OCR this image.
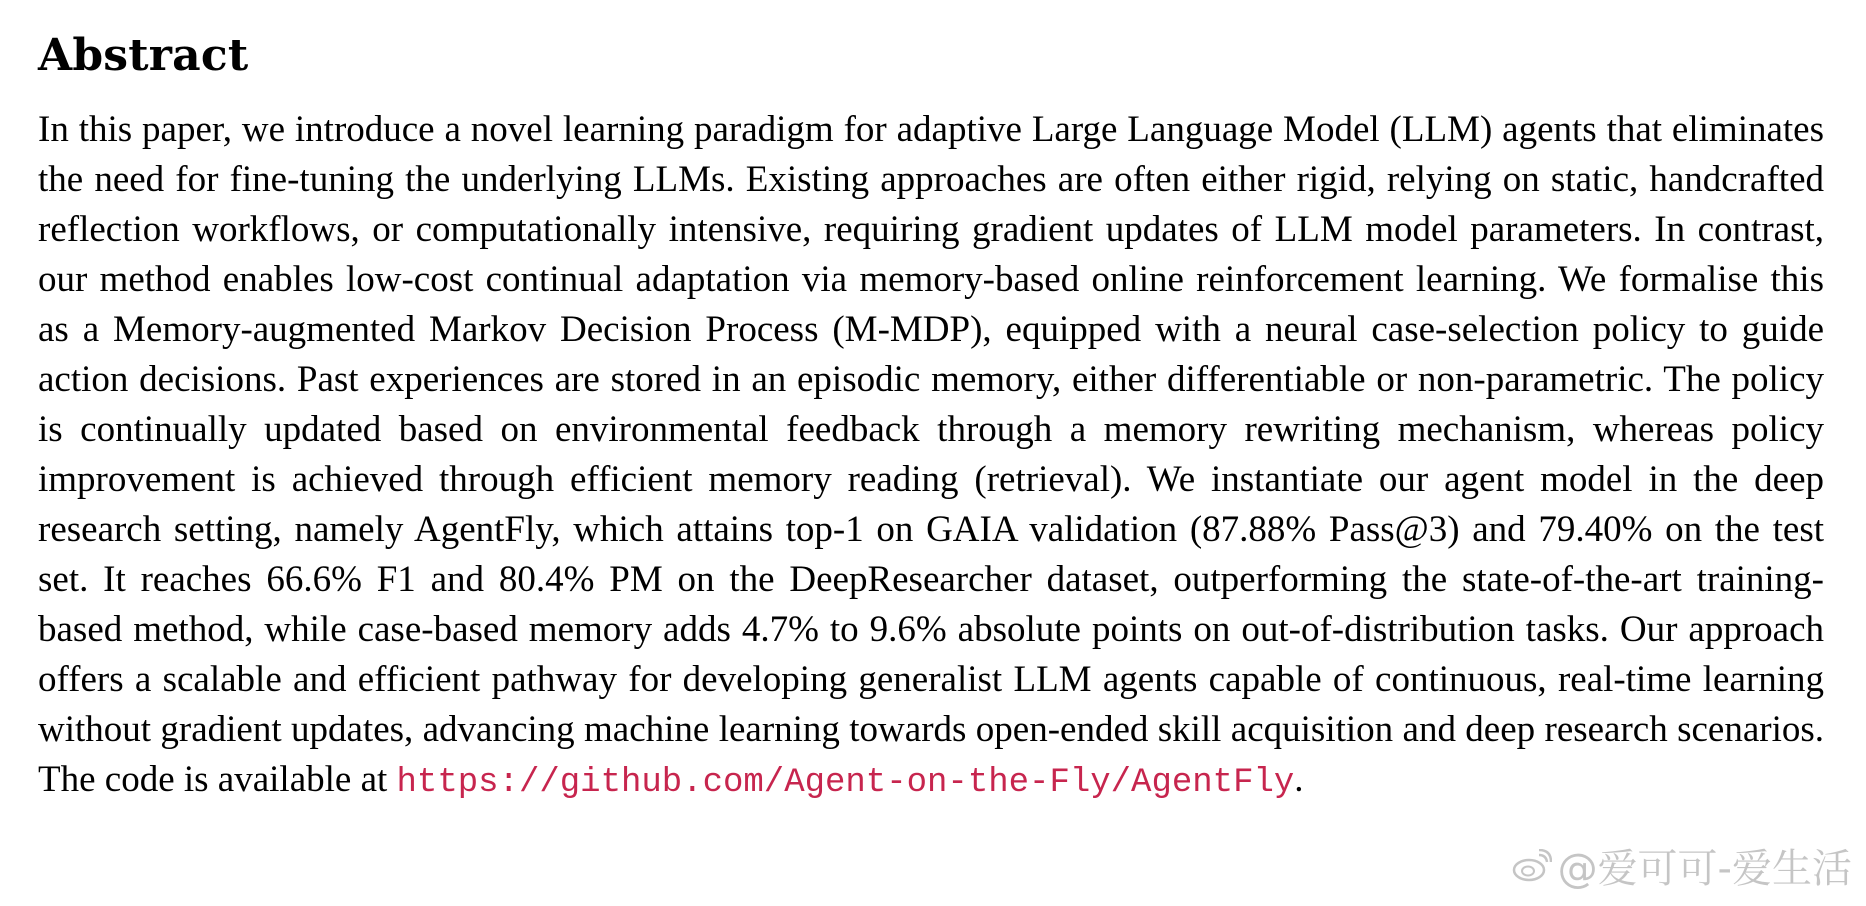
Abstract

In this paper, we introduce a novel learning paradigm for adaptive Large Language Model (LLM) agents that eliminates the need for fine-tuning the underlying LLMs. Existing approaches are often either rigid, relying on static, handcrafted reflection workflows, or computationally intensive, requiring gradient updates of LLM model parameters. In contrast, our method enables low-cost continual adaptation via memory-based online reinforcement learning. We formalise this as a Memory-augmented Markov Decision Process (M-MDP), equipped with a neural case-selection policy to guide action decisions. Past experiences are stored in an episodic memory, either differentiable or non-parametric. The policy is continually updated based on environmental feedback through a memory rewriting mechanism, whereas policy improvement is achieved through efficient memory reading (retrieval). We instantiate our agent model in the deep research setting, namely AgentFly, which attains top-1 on GAIA validation (87.88% Pass@3) and 79.40% on the test set. It reaches 66.6% F1 and 80.4% PM on the DeepResearcher dataset, outperforming the state-of-the-art training-based method, while case-based memory adds 4.7% to 9.6% absolute points on out-of-distribution tasks. Our approach offers a scalable and efficient pathway for developing generalist LLM agents capable of continuous, real-time learning without gradient updates, advancing machine learning towards open-ended skill acquisition and deep research scenarios. The code is available at https://github.com/Agent-on-the-Fly/AgentFly.

@爱可可-爱生活
